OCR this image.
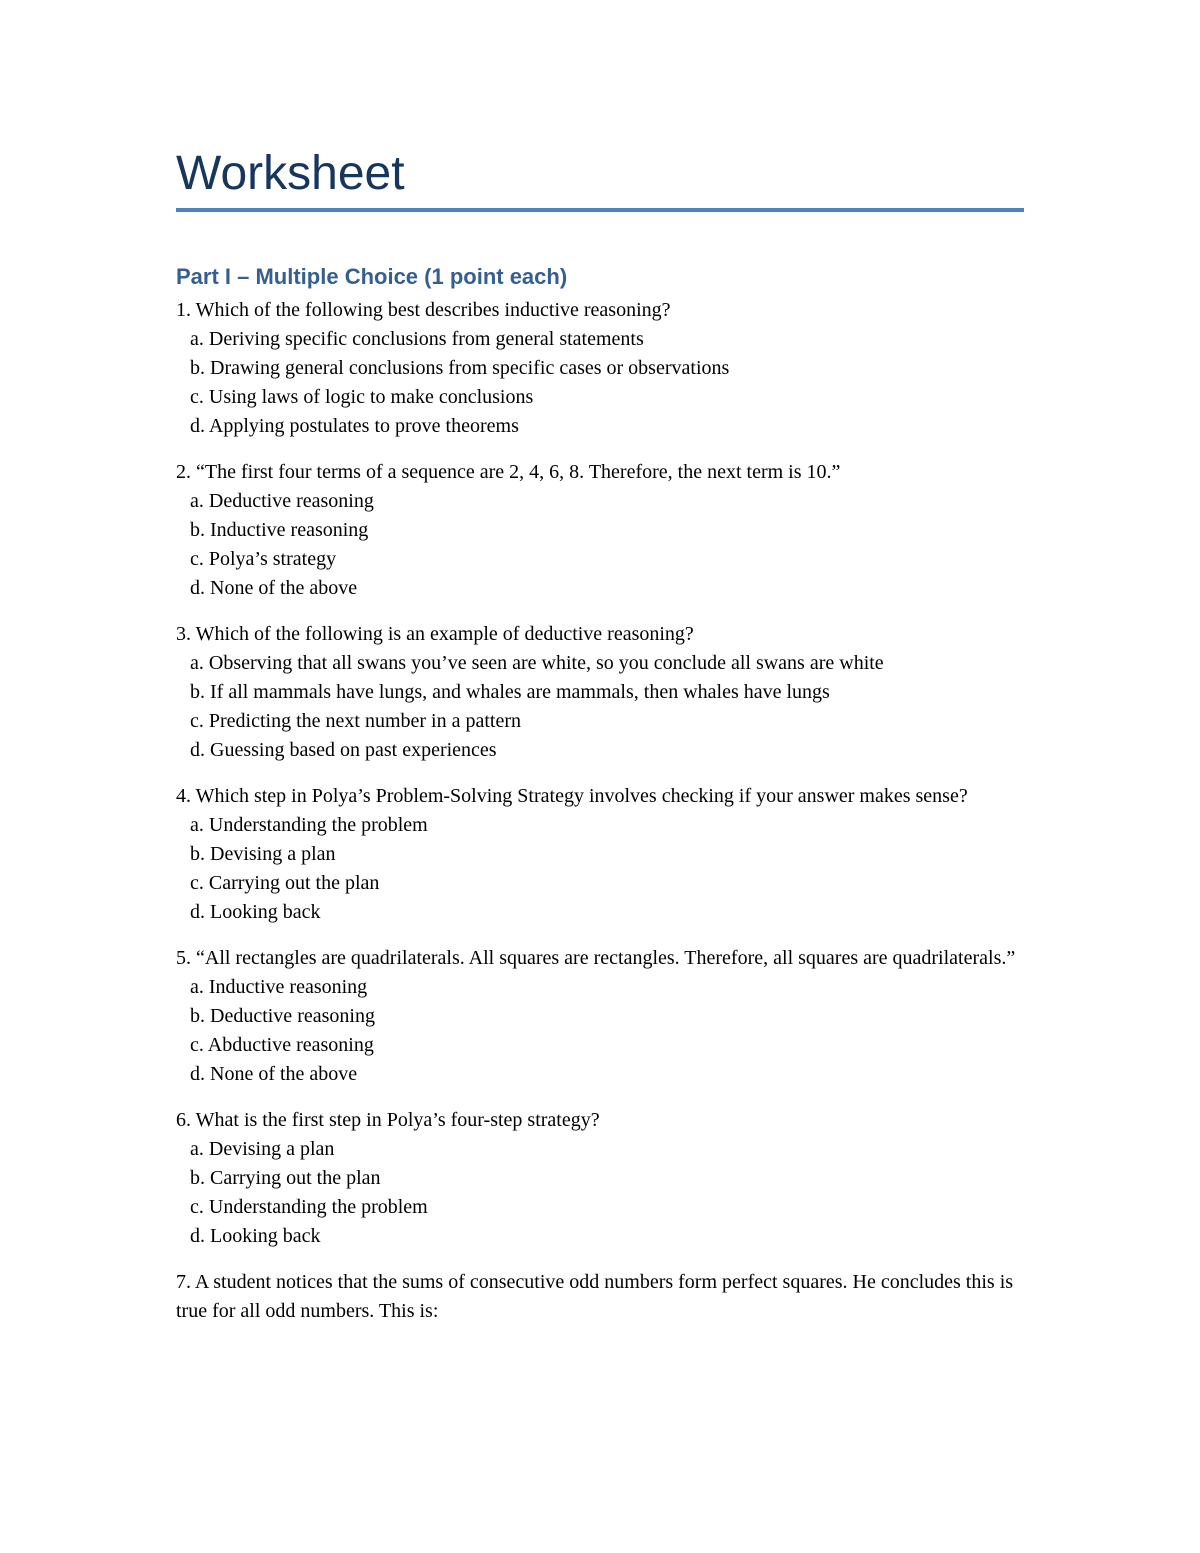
Worksheet
Part I – Multiple Choice (1 point each)
1. Which of the following best describes inductive reasoning?
a. Deriving specific conclusions from general statements
b. Drawing general conclusions from specific cases or observations
c. Using laws of logic to make conclusions
d. Applying postulates to prove theorems
2. “The first four terms of a sequence are 2, 4, 6, 8. Therefore, the next term is 10.”
a. Deductive reasoning
b. Inductive reasoning
c. Polya’s strategy
d. None of the above
3. Which of the following is an example of deductive reasoning?
a. Observing that all swans you’ve seen are white, so you conclude all swans are white
b. If all mammals have lungs, and whales are mammals, then whales have lungs
c. Predicting the next number in a pattern
d. Guessing based on past experiences
4. Which step in Polya’s Problem-Solving Strategy involves checking if your answer makes sense?
a. Understanding the problem
b. Devising a plan
c. Carrying out the plan
d. Looking back
5. “All rectangles are quadrilaterals. All squares are rectangles. Therefore, all squares are quadrilaterals.”
a. Inductive reasoning
b. Deductive reasoning
c. Abductive reasoning
d. None of the above
6. What is the first step in Polya’s four-step strategy?
a. Devising a plan
b. Carrying out the plan
c. Understanding the problem
d. Looking back
7. A student notices that the sums of consecutive odd numbers form perfect squares. He concludes this is true for all odd numbers. This is:
